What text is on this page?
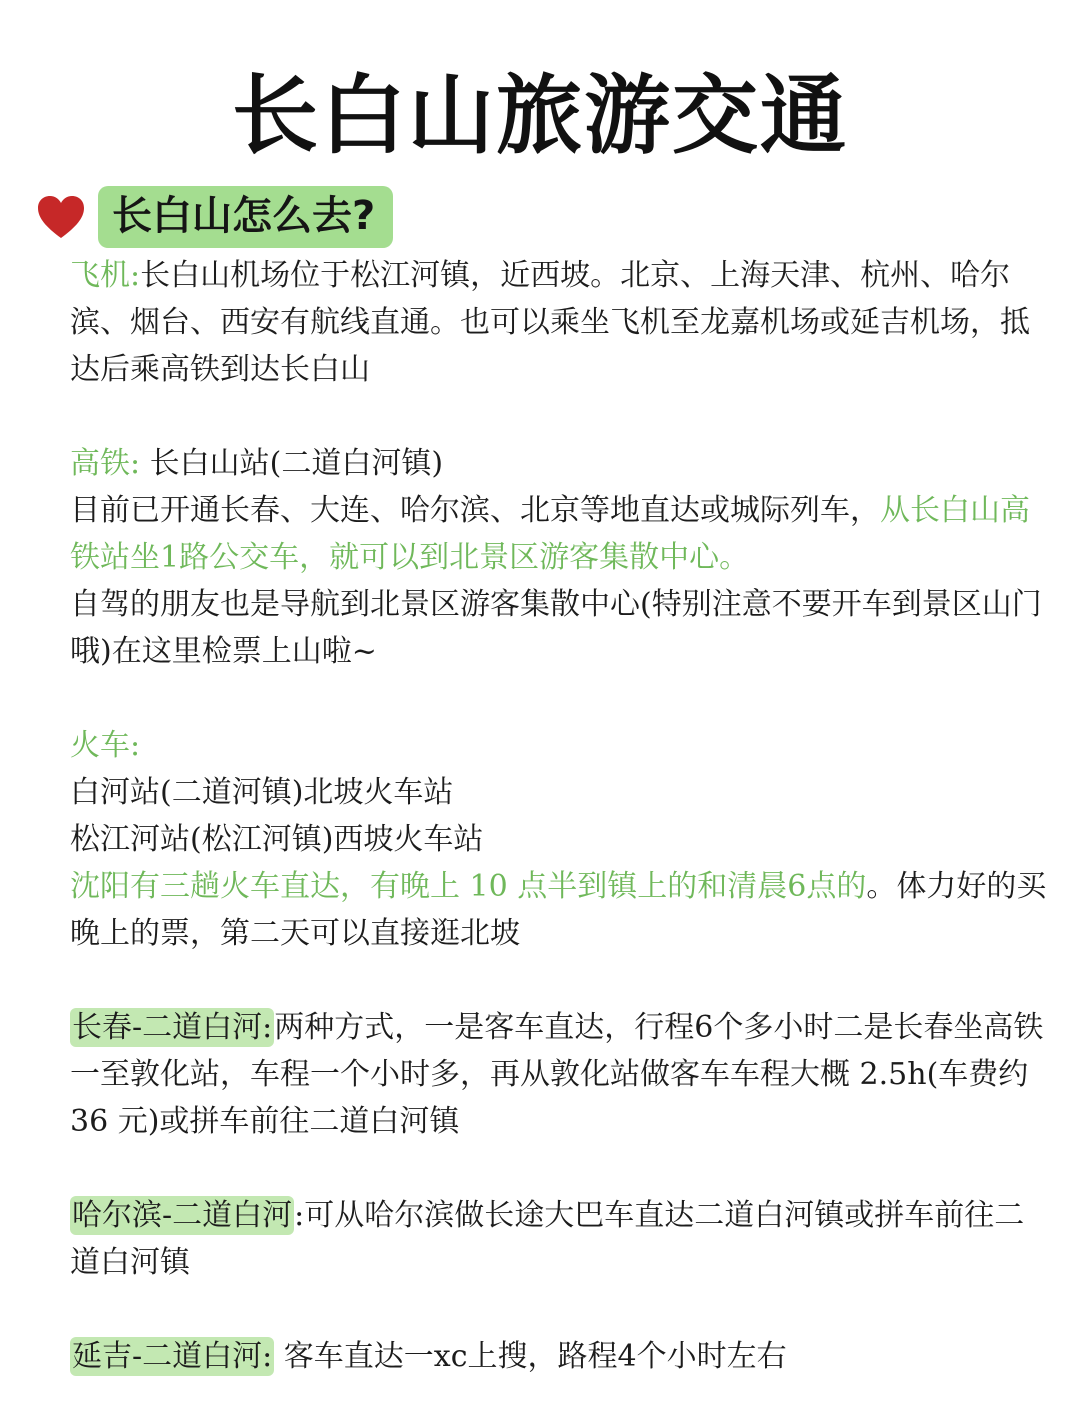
长白山旅游交通
长白山怎么去?

飞机:长白山机场位于松江河镇，近西坡。北京、上海天津、杭州、哈尔滨、烟台、西安有航线直通。也可以乘坐飞机至龙嘉机场或延吉机场，抵达后乘高铁到达长白山

高铁: 长白山站(二道白河镇)

目前已开通长春、大连、哈尔滨、北京等地直达或城际列车，从长白山高铁站坐1路公交车，就可以到北景区游客集散中心。

自驾的朋友也是导航到北景区游客集散中心(特别注意不要开车到景区山门哦)在这里检票上山啦~

火车:

白河站(二道河镇)北坡火车站

松江河站(松江河镇)西坡火车站

沈阳有三趟火车直达，有晚上 10 点半到镇上的和清晨6点的。体力好的买晚上的票，第二天可以直接逛北坡

长春-二道白河:两种方式，一是客车直达，行程6个多小时二是长春坐高铁一至敦化站，车程一个小时多，再从敦化站做客车车程大概 2.5h(车费约 36 元)或拼车前往二道白河镇

哈尔滨-二道白河:可从哈尔滨做长途大巴车直达二道白河镇或拼车前往二道白河镇

延吉-二道白河: 客车直达一xc上搜，路程4个小时左右
